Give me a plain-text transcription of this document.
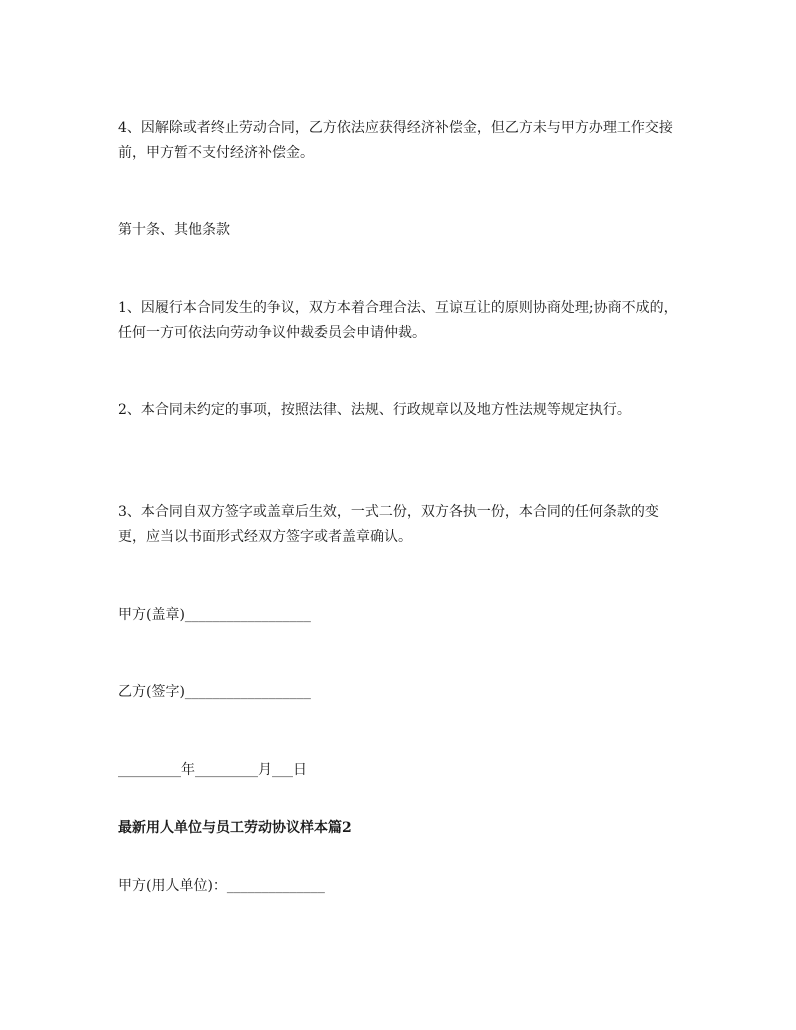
4、因解除或者终止劳动合同，乙方依法应获得经济补偿金，但乙方未与甲方办理工作交接前，甲方暂不支付经济补偿金。

第十条、其他条款

1、因履行本合同发生的争议，双方本着合理合法、互谅互让的原则协商处理;协商不成的，任何一方可依法向劳动争议仲裁委员会申请仲裁。

2、本合同未约定的事项，按照法律、法规、行政规章以及地方性法规等规定执行。

3、本合同自双方签字或盖章后生效，一式二份，双方各执一份，本合同的任何条款的变更，应当以书面形式经双方签字或者盖章确认。

甲方(盖章)__________________

乙方(签字)__________________

_________年_________月___日

最新用人单位与员工劳动协议样本篇2

甲方(用人单位)：______________
